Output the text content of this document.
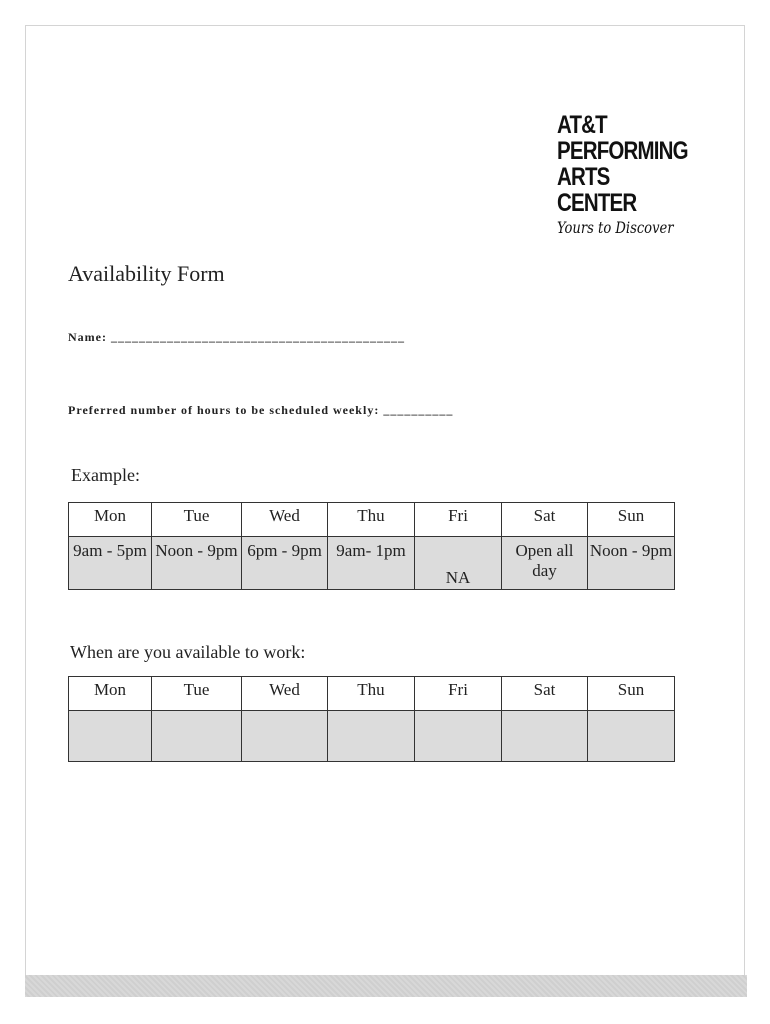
AT&T
PERFORMING
ARTS
CENTER
Yours to Discover
Availability Form
Name: __________________________________________
Preferred number of hours to be scheduled weekly: __________
Example:
Mon	Tue	Wed	Thu	Fri	Sat	Sun
9am - 5pm	Noon - 9pm	6pm - 9pm	9am- 1pm	NA	Open all day	Noon - 9pm
When are you available to work:
Mon	Tue	Wed	Thu	Fri	Sat	Sun
